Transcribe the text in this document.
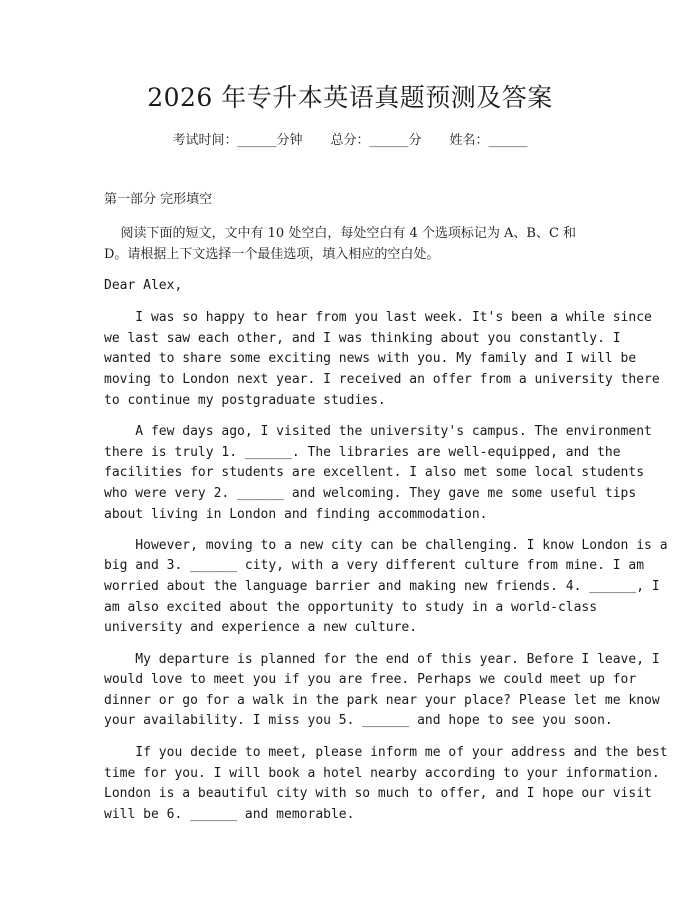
2026 年专升本英语真题预测及答案
考试时间：______分钟 总分：______分 姓名：______
第一部分 完形填空
阅读下面的短文，文中有 10 处空白，每处空白有 4 个选项标记为 A、B、C 和
D。请根据上下文选择一个最佳选项，填入相应的空白处。
Dear Alex,
I was so happy to hear from you last week. It's been a while since
we last saw each other, and I was thinking about you constantly. I
wanted to share some exciting news with you. My family and I will be
moving to London next year. I received an offer from a university there
to continue my postgraduate studies.
A few days ago, I visited the university's campus. The environment
there is truly 1. ______. The libraries are well-equipped, and the
facilities for students are excellent. I also met some local students
who were very 2. ______ and welcoming. They gave me some useful tips
about living in London and finding accommodation.
However, moving to a new city can be challenging. I know London is a
big and 3. ______ city, with a very different culture from mine. I am
worried about the language barrier and making new friends. 4. ______, I
am also excited about the opportunity to study in a world-class
university and experience a new culture.
My departure is planned for the end of this year. Before I leave, I
would love to meet you if you are free. Perhaps we could meet up for
dinner or go for a walk in the park near your place? Please let me know
your availability. I miss you 5. ______ and hope to see you soon.
If you decide to meet, please inform me of your address and the best
time for you. I will book a hotel nearby according to your information.
London is a beautiful city with so much to offer, and I hope our visit
will be 6. ______ and memorable.
